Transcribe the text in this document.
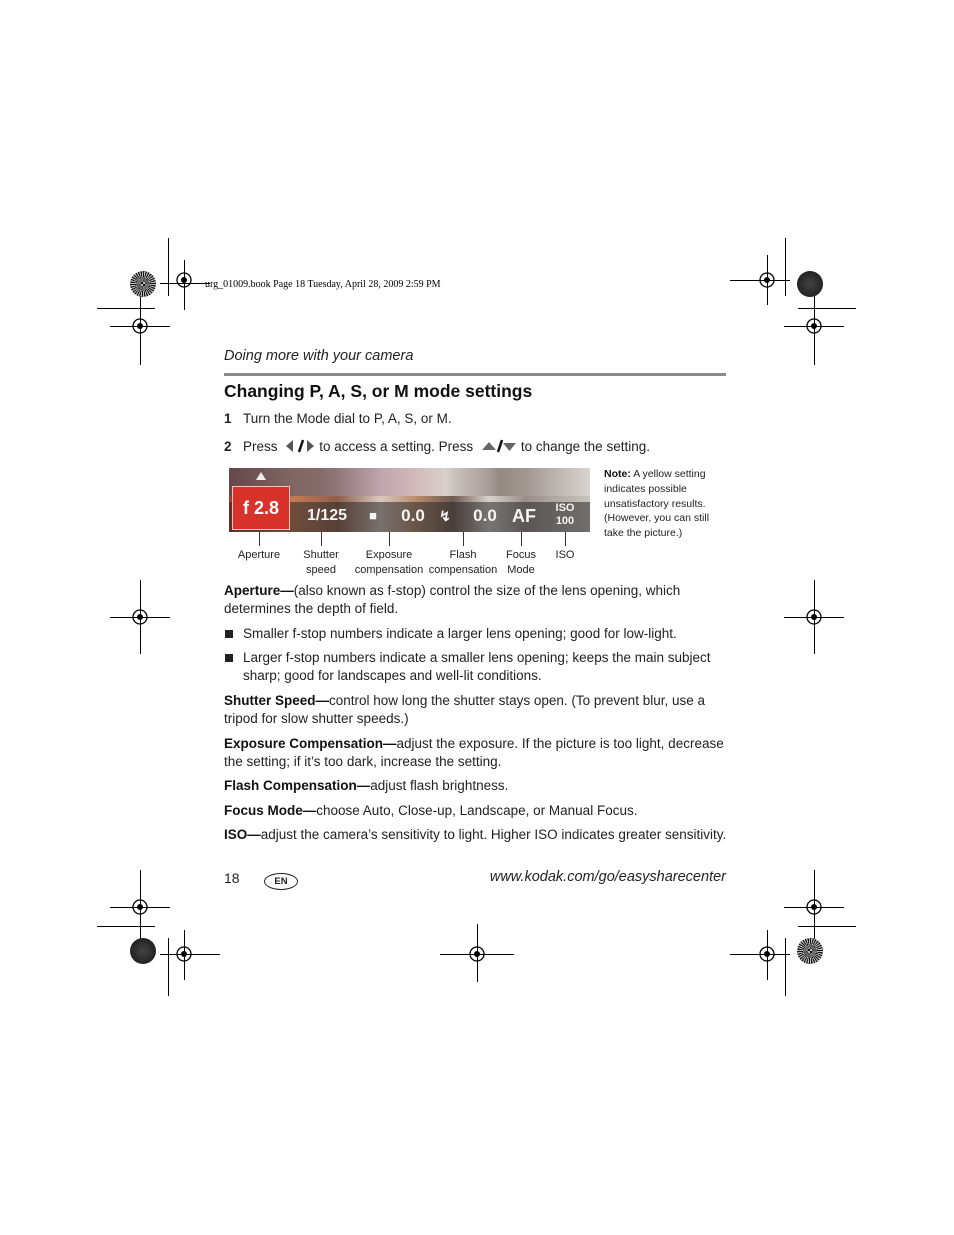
urg_01009.book Page 18 Tuesday, April 28, 2009 2:59 PM
Doing more with your camera
Changing P, A, S, or M mode settings
1 Turn the Mode dial to P, A, S, or M.
2 Press	to access a setting. Press	to change the setting.
f 2.8	1/125	■	0.0	↯	0.0 AF	ISO
100
Aperture	Shutter
speed
Exposure
compensation
Flash
compensation
Focus
Mode
ISO
Note: A yellow setting indicates possible unsatisfactory results. (However, you can still take the picture.)
Aperture—(also known as f-stop) control the size of the lens opening, which determines the depth of field.
Smaller f-stop numbers indicate a larger lens opening; good for low-light.
Larger f-stop numbers indicate a smaller lens opening; keeps the main subject sharp; good for landscapes and well-lit conditions.
Shutter Speed—control how long the shutter stays open. (To prevent blur, use a tripod for slow shutter speeds.)
Exposure Compensation—adjust the exposure. If the picture is too light, decrease the setting; if it’s too dark, increase the setting.
Flash Compensation—adjust flash brightness.
Focus Mode—choose Auto, Close-up, Landscape, or Manual Focus.
ISO—adjust the camera’s sensitivity to light. Higher ISO indicates greater sensitivity.
18	EN	www.kodak.com/go/easysharecenter
